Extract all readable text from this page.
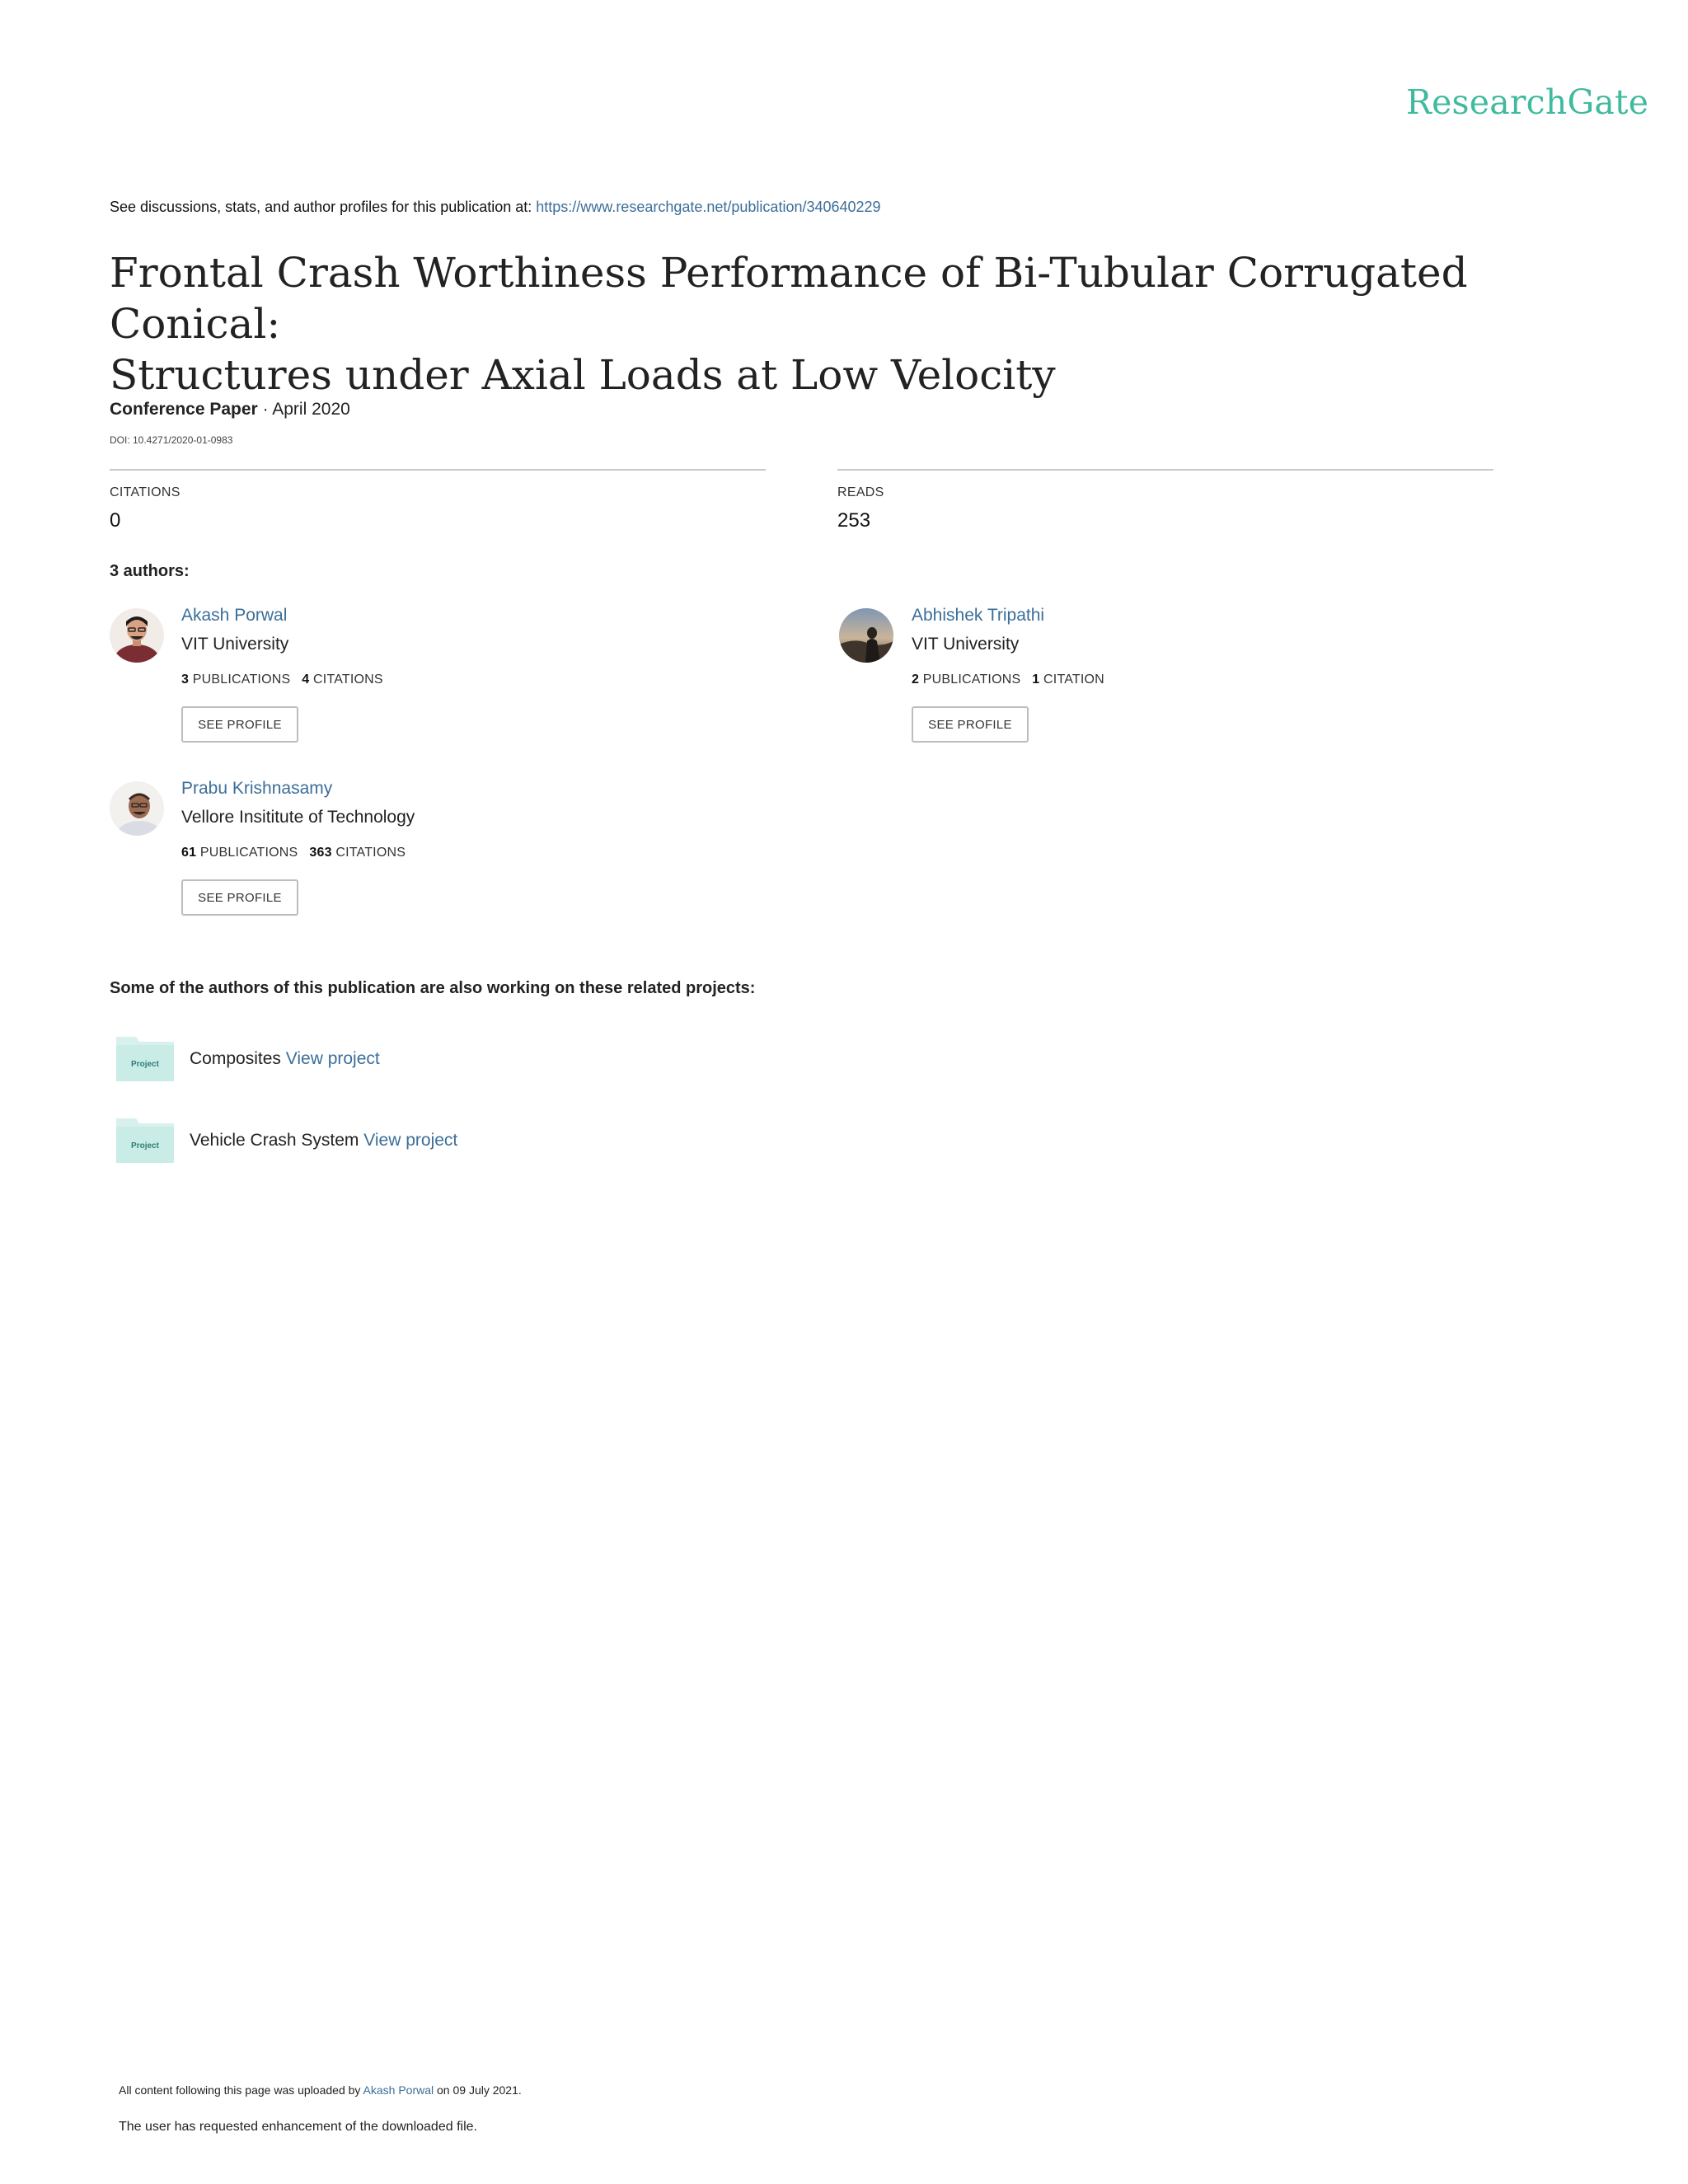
ResearchGate
See discussions, stats, and author profiles for this publication at: https://www.researchgate.net/publication/340640229
Frontal Crash Worthiness Performance of Bi-Tubular Corrugated Conical:
Structures under Axial Loads at Low Velocity
Conference Paper · April 2020
DOI: 10.4271/2020-01-0983
CITATIONS
0
READS
253
3 authors:
Akash Porwal
VIT University
3 PUBLICATIONS 4 CITATIONS
SEE PROFILE
Abhishek Tripathi
VIT University
2 PUBLICATIONS 1 CITATION
SEE PROFILE
Prabu Krishnasamy
Vellore Insititute of Technology
61 PUBLICATIONS 363 CITATIONS
SEE PROFILE
Some of the authors of this publication are also working on these related projects:
Project Composites View project
Project Vehicle Crash System View project
All content following this page was uploaded by Akash Porwal on 09 July 2021.
The user has requested enhancement of the downloaded file.
